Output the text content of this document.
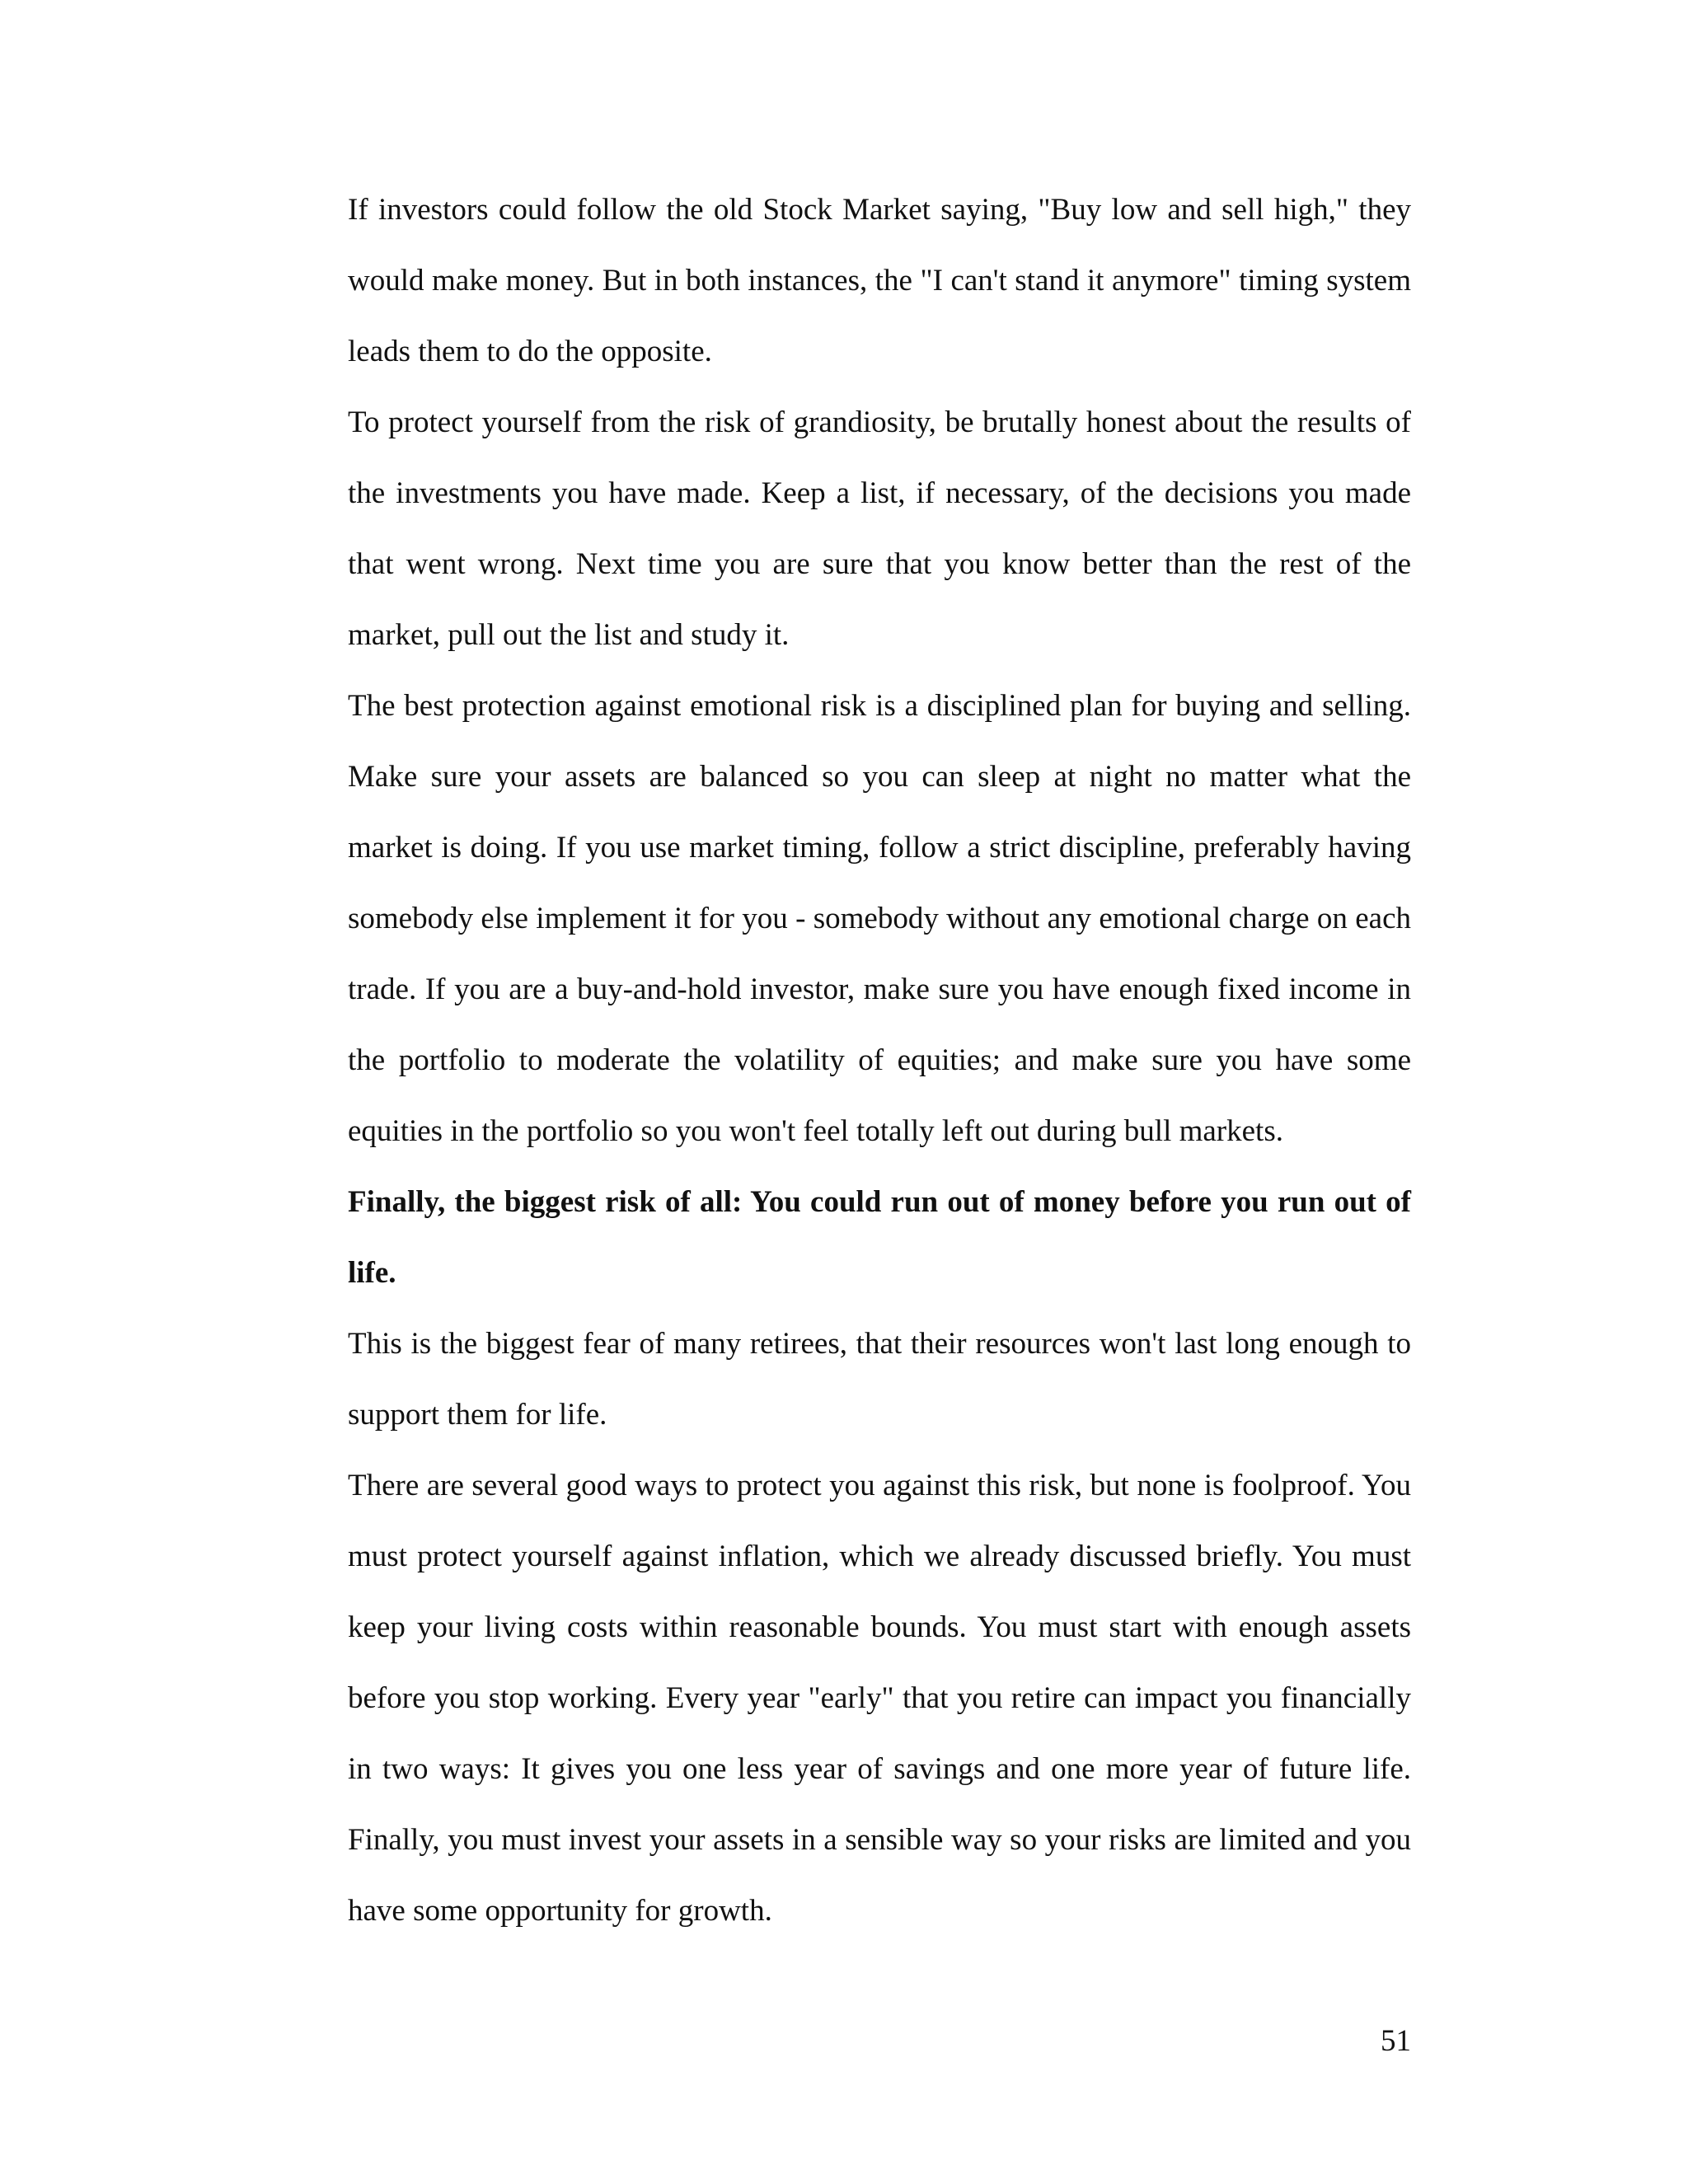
If investors could follow the old Stock Market saying, "Buy low and sell high," they would make money. But in both instances, the "I can't stand it anymore" timing system leads them to do the opposite.

To protect yourself from the risk of grandiosity, be brutally honest about the results of the investments you have made. Keep a list, if necessary, of the decisions you made that went wrong. Next time you are sure that you know better than the rest of the market, pull out the list and study it.

The best protection against emotional risk is a disciplined plan for buying and selling. Make sure your assets are balanced so you can sleep at night no matter what the market is doing. If you use market timing, follow a strict discipline, preferably having somebody else implement it for you - somebody without any emotional charge on each trade. If you are a buy-and-hold investor, make sure you have enough fixed income in the portfolio to moderate the volatility of equities; and make sure you have some equities in the portfolio so you won't feel totally left out during bull markets.

Finally, the biggest risk of all: You could run out of money before you run out of life.

This is the biggest fear of many retirees, that their resources won't last long enough to support them for life.

There are several good ways to protect you against this risk, but none is foolproof. You must protect yourself against inflation, which we already discussed briefly. You must keep your living costs within reasonable bounds. You must start with enough assets before you stop working. Every year "early" that you retire can impact you financially in two ways: It gives you one less year of savings and one more year of future life. Finally, you must invest your assets in a sensible way so your risks are limited and you have some opportunity for growth.

51
